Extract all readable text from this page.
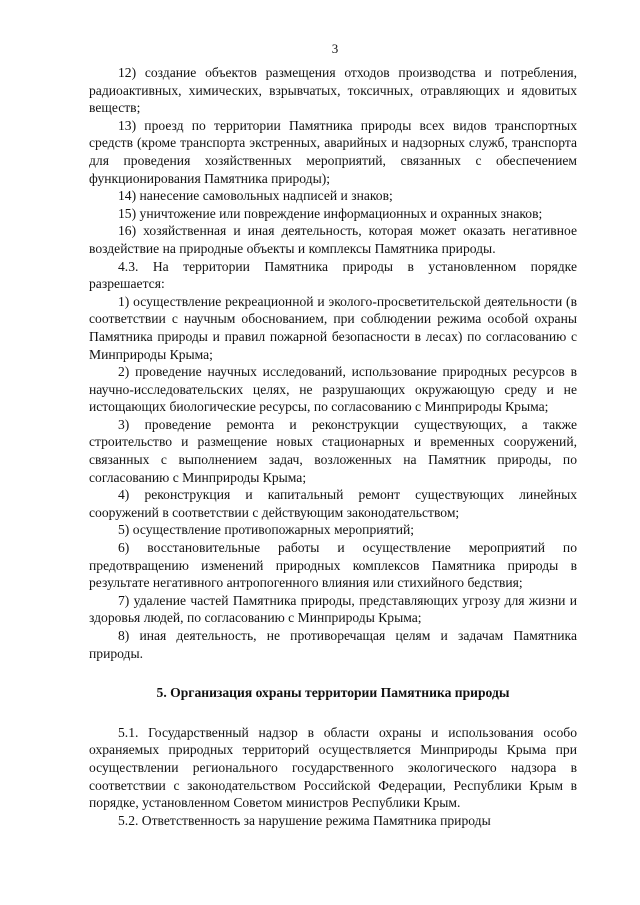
3

12) создание объектов размещения отходов производства и потребления, радиоактивных, химических, взрывчатых, токсичных, отравляющих и ядовитых веществ;

13) проезд по территории Памятника природы всех видов транспортных средств (кроме транспорта экстренных, аварийных и надзорных служб, транспорта для проведения хозяйственных мероприятий, связанных с обеспечением функционирования Памятника природы);

14) нанесение самовольных надписей и знаков;

15) уничтожение или повреждение информационных и охранных знаков;

16) хозяйственная и иная деятельность, которая может оказать негативное воздействие на природные объекты и комплексы Памятника природы.

4.3. На территории Памятника природы в установленном порядке разрешается:

1) осуществление рекреационной и эколого-просветительской деятельности (в соответствии с научным обоснованием, при соблюдении режима особой охраны Памятника природы и правил пожарной безопасности в лесах) по согласованию с Минприроды Крыма;

2) проведение научных исследований, использование природных ресурсов в научно-исследовательских целях, не разрушающих окружающую среду и не истощающих биологические ресурсы, по согласованию с Минприроды Крыма;

3) проведение ремонта и реконструкции существующих, а также строительство и размещение новых стационарных и временных сооружений, связанных с выполнением задач, возложенных на Памятник природы, по согласованию с Минприроды Крыма;

4) реконструкция и капитальный ремонт существующих линейных сооружений в соответствии с действующим законодательством;

5) осуществление противопожарных мероприятий;

6) восстановительные работы и осуществление мероприятий по предотвращению изменений природных комплексов Памятника природы в результате негативного антропогенного влияния или стихийного бедствия;

7) удаление частей Памятника природы, представляющих угрозу для жизни и здоровья людей, по согласованию с Минприроды Крыма;

8) иная деятельность, не противоречащая целям и задачам Памятника природы.

5. Организация охраны территории Памятника природы

5.1. Государственный надзор в области охраны и использования особо охраняемых природных территорий осуществляется Минприроды Крыма при осуществлении регионального государственного экологического надзора в соответствии с законодательством Российской Федерации, Республики Крым в порядке, установленном Советом министров Республики Крым.

5.2. Ответственность за нарушение режима Памятника природы
